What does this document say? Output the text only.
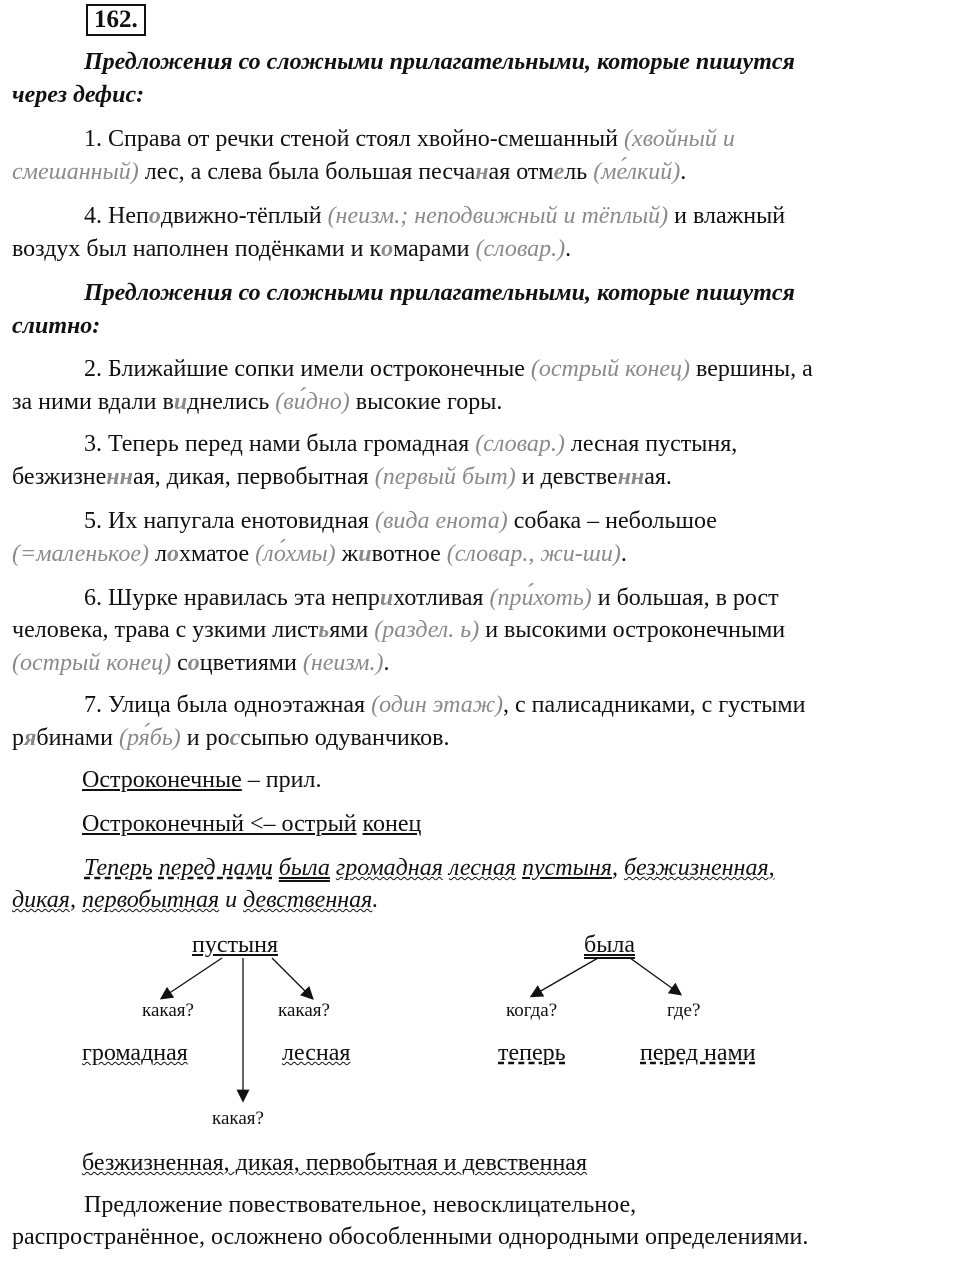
162.
Предложения со сложными прилагательными, которые пишутся
через дефис:
1. Справа от речки стеной стоял хвойно-смешанный (хвойный и
смешанный) лес, а слева была большая песчаная отмель (ме́лкий).
4. Неподвижно-тёплый (неизм.; неподвижный и тёплый) и влажный
воздух был наполнен подёнками и комарами (словар.).
Предложения со сложными прилагательными, которые пишутся
слитно:
2. Ближайшие сопки имели остроконечные (острый конец) вершины, а
за ними вдали виднелись (ви́дно) высокие горы.
3. Теперь перед нами была громадная (словар.) лесная пустыня,
безжизненная, дикая, первобытная (первый быт) и девственная.
5. Их напугала енотовидная (вида енота) собака – небольшое
(=маленькое) лохматое (ло́хмы) животное (словар., жи-ши).
6. Шурке нравилась эта неприхотливая (при́хоть) и большая, в рост
человека, трава с узкими листьями (раздел. ь) и высокими остроконечными
(острый конец) соцветиями (неизм.).
7. Улица была одноэтажная (один этаж), с палисадниками, с густыми
рябинами (ря́бь) и россыпью одуванчиков.
Остроконечные – прил.
Остроконечный <– острый конец
Теперь перед нами была громадная лесная пустыня, безжизненная,
дикая, первобытная и девственная.
пустыня	была
какая?	какая?	когда?	где?
громадная	лесная	теперь	перед нами
какая?
безжизненная, дикая, первобытная и девственная
Предложение повествовательное, невосклицательное,
распространённое, осложнено обособленными однородными определениями.
